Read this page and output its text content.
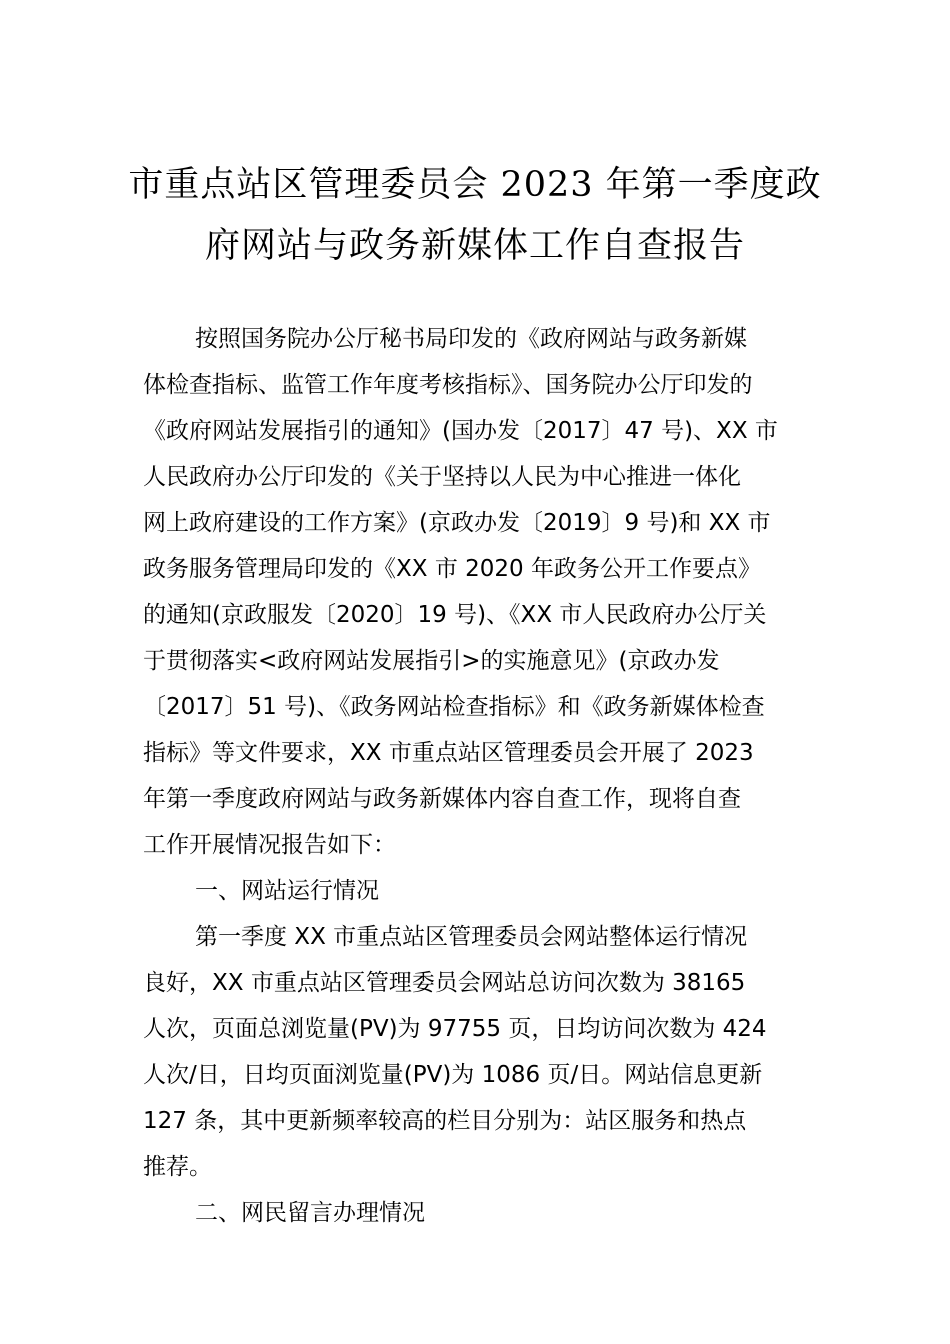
市重点站区管理委员会 2023 年第一季度政
府网站与政务新媒体工作自查报告

按照国务院办公厅秘书局印发的《政府网站与政务新媒

体检查指标、监管工作年度考核指标》、国务院办公厅印发的

《政府网站发展指引的通知》(国办发〔2017〕47 号)、XX 市

人民政府办公厅印发的《关于坚持以人民为中心推进一体化

网上政府建设的工作方案》(京政办发〔2019〕9 号)和 XX 市

政务服务管理局印发的《XX 市 2020 年政务公开工作要点》

的通知(京政服发〔2020〕19 号)、《XX 市人民政府办公厅关

于贯彻落实<政府网站发展指引>的实施意见》(京政办发

〔2017〕51 号)、《政务网站检查指标》和《政务新媒体检查

指标》等文件要求，XX 市重点站区管理委员会开展了 2023

年第一季度政府网站与政务新媒体内容自查工作，现将自查

工作开展情况报告如下：

一、网站运行情况

第一季度 XX 市重点站区管理委员会网站整体运行情况

良好，XX 市重点站区管理委员会网站总访问次数为 38165

人次，页面总浏览量(PV)为 97755 页，日均访问次数为 424

人次/日，日均页面浏览量(PV)为 1086 页/日。网站信息更新

127 条，其中更新频率较高的栏目分别为：站区服务和热点

推荐。

二、网民留言办理情况
